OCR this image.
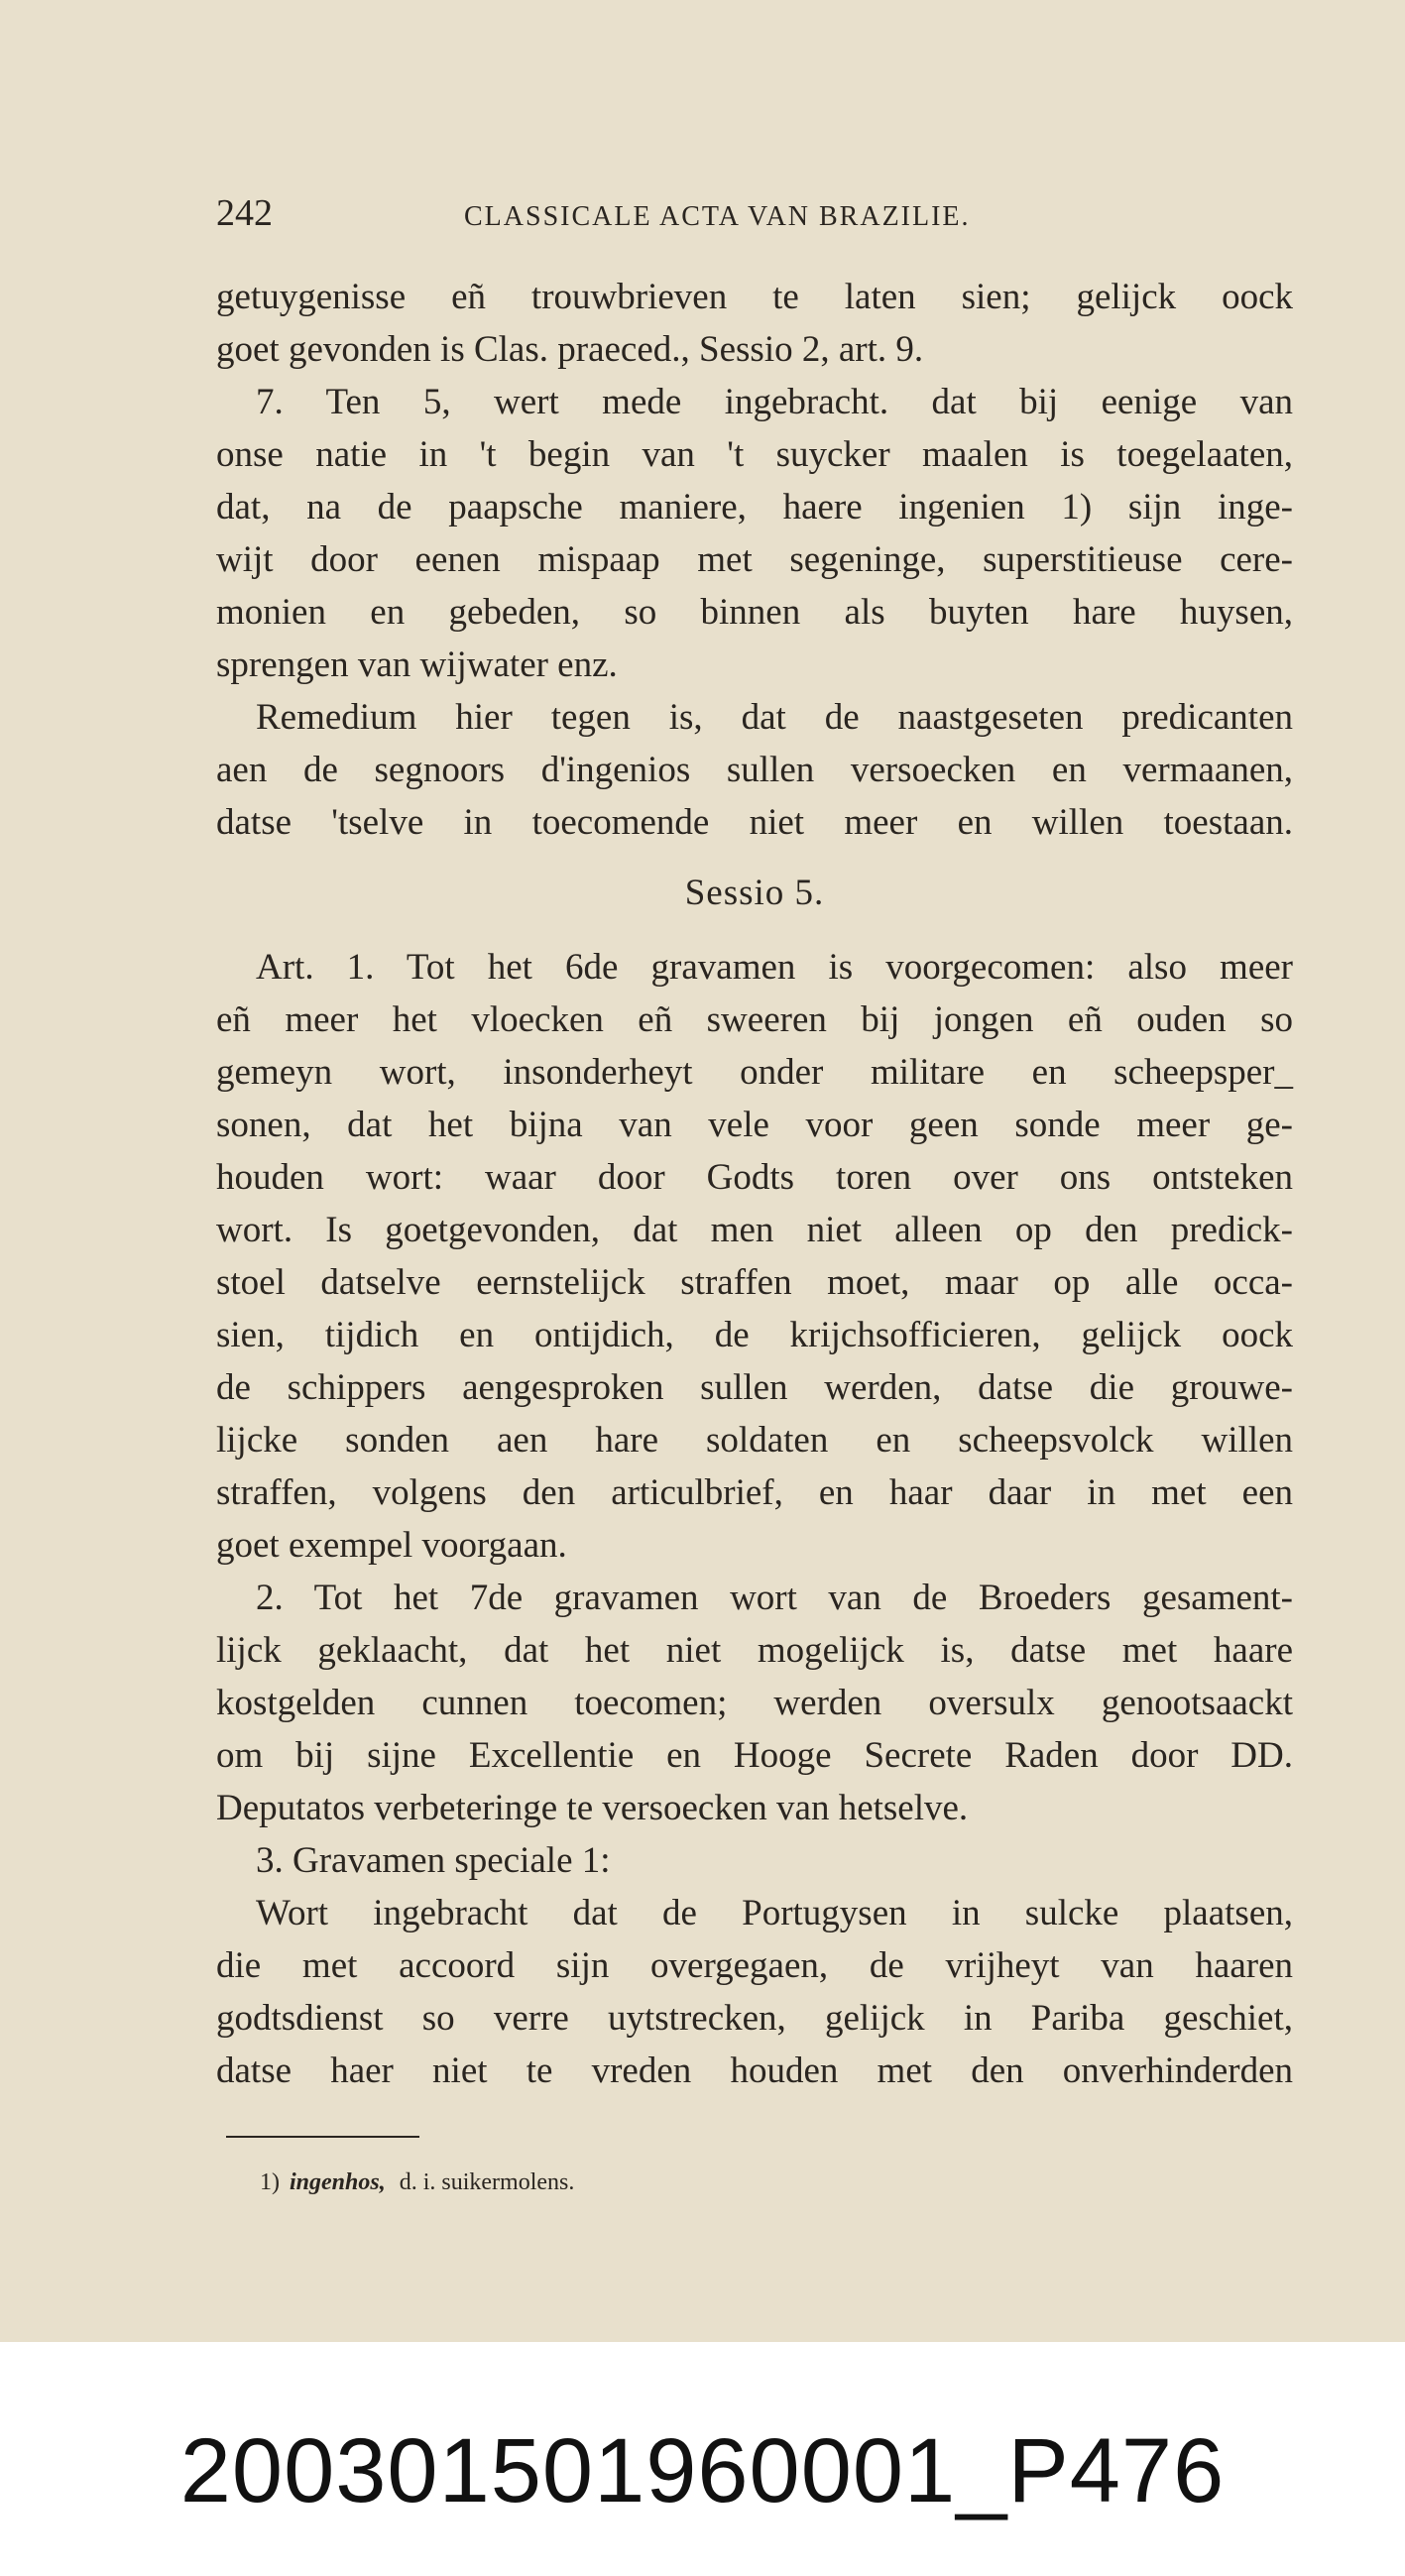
242	CLASSICALE ACTA VAN BRAZILIE.
getuygenisse eñ trouwbrieven te laten sien; gelijck oock
goet gevonden is Clas. praeced., Sessio 2, art. 9.
7. Ten 5, wert mede ingebracht. dat bij eenige van
onse natie in 't begin van 't suycker maalen is toegelaaten,
dat, na de paapsche maniere, haere ingenien 1) sijn inge-
wijt door eenen mispaap met segeninge, superstitieuse cere-
monien en gebeden, so binnen als buyten hare huysen,
sprengen van wijwater enz.
Remedium hier tegen is, dat de naastgeseten predicanten
aen de segnoors d'ingenios sullen versoecken en vermaanen,
datse 'tselve in toecomende niet meer en willen toestaan.
Sessio 5.
Art. 1. Tot het 6de gravamen is voorgecomen: also meer
eñ meer het vloecken eñ sweeren bij jongen eñ ouden so
gemeyn wort, insonderheyt onder militare en scheepsper_
sonen, dat het bijna van vele voor geen sonde meer ge-
houden wort: waar door Godts toren over ons ontsteken
wort. Is goetgevonden, dat men niet alleen op den predick-
stoel datselve eernstelijck straffen moet, maar op alle occa-
sien, tijdich en ontijdich, de krijchsofficieren, gelijck oock
de schippers aengesproken sullen werden, datse die grouwe-
lijcke sonden aen hare soldaten en scheepsvolck willen
straffen, volgens den articulbrief, en haar daar in met een
goet exempel voorgaan.
2. Tot het 7de gravamen wort van de Broeders gesament-
lijck geklaacht, dat het niet mogelijck is, datse met haare
kostgelden cunnen toecomen; werden oversulx genootsaackt
om bij sijne Excellentie en Hooge Secrete Raden door DD.
Deputatos verbeteringe te versoecken van hetselve.
3. Gravamen speciale 1:
Wort ingebracht dat de Portugysen in sulcke plaatsen,
die met accoord sijn overgegaen, de vrijheyt van haaren
godtsdienst so verre uytstrecken, gelijck in Pariba geschiet,
datse haer niet te vreden houden met den onverhinderden
1) ingenhos, d. i. suikermolens.
200301501960001_P476
